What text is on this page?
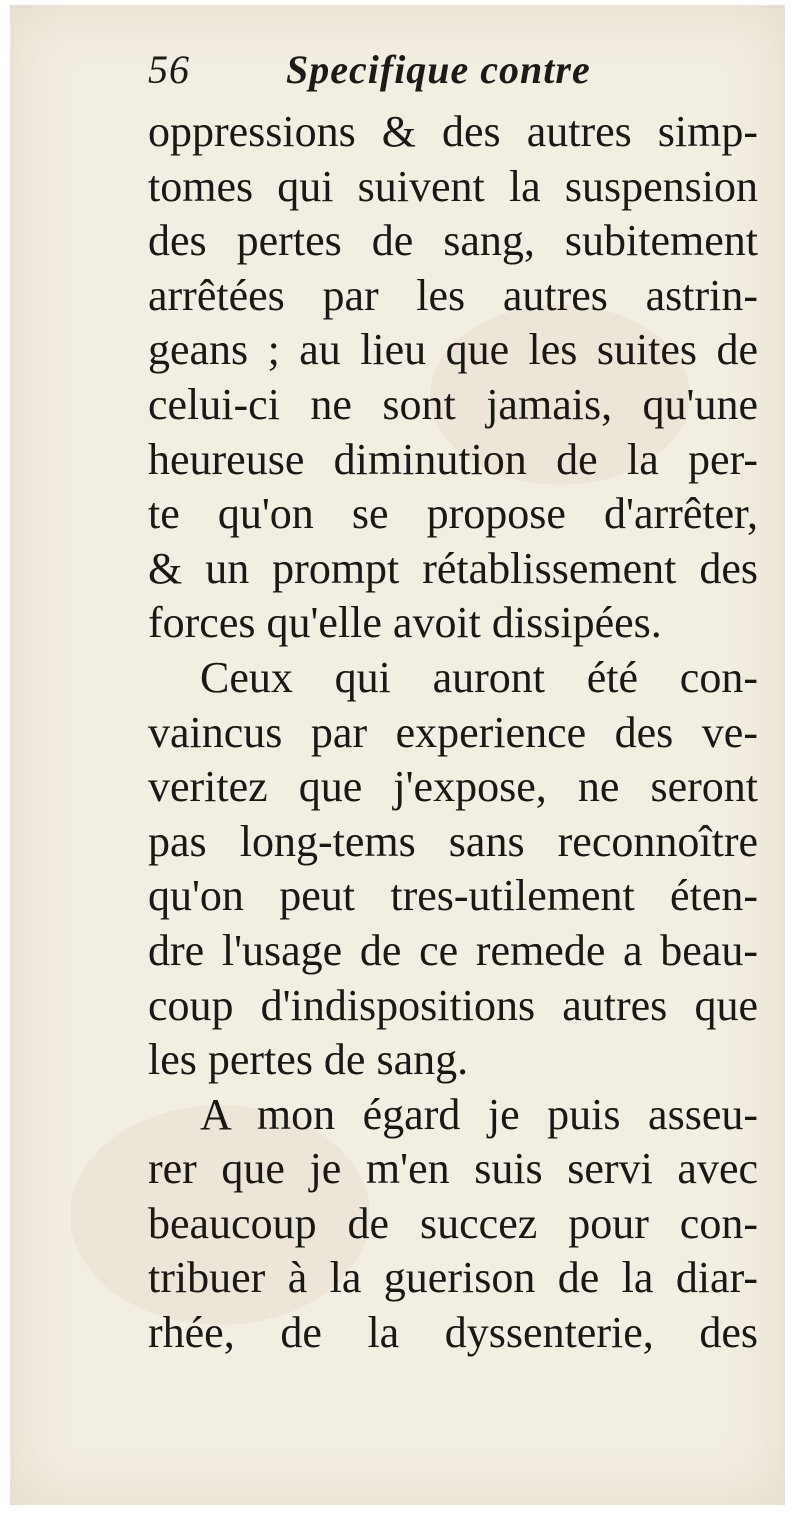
56 Specifique contre
oppressions & des autres simp-
tomes qui suivent la suspension
des pertes de sang, subitement
arrêtées par les autres astrin-
geans ; au lieu que les suites de
celui-ci ne sont jamais, qu'une
heureuse diminution de la per-
te qu'on se propose d'arrêter,
& un prompt rétablissement des
forces qu'elle avoit dissipées.
Ceux qui auront été con-
vaincus par experience des ve-
veritez que j'expose, ne seront
pas long-tems sans reconnoître
qu'on peut tres-utilement éten-
dre l'usage de ce remede a beau-
coup d'indispositions autres que
les pertes de sang.
A mon égard je puis asseu-
rer que je m'en suis servi avec
beaucoup de succez pour con-
tribuer à la guerison de la diar-
rhée, de la dyssenterie, des
